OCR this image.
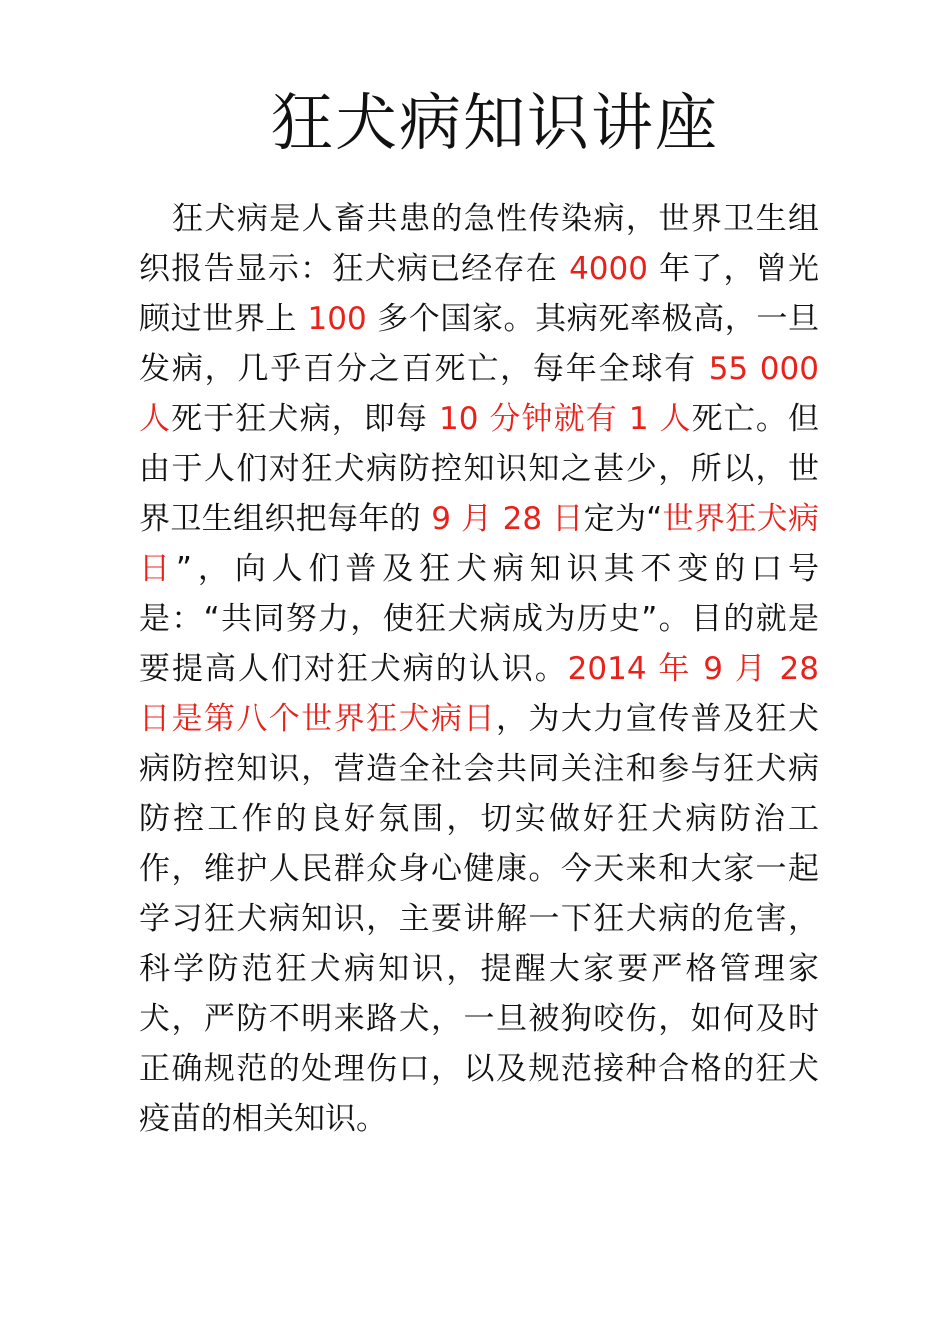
狂犬病知识讲座

狂犬病是人畜共患的急性传染病，世界卫生组织报告显示：狂犬病已经存在 4000 年了，曾光顾过世界上 100 多个国家。其病死率极高，一旦发病，几乎百分之百死亡，每年全球有 55 000 人死于狂犬病，即每 10 分钟就有 1 人死亡。但由于人们对狂犬病防控知识知之甚少，所以，世界卫生组织把每年的 9 月 28 日定为“世界狂犬病日”，向人们普及狂犬病知识其不变的口号是：“共同努力，使狂犬病成为历史”。目的就是要提高人们对狂犬病的认识。2014 年 9 月 28 日是第八个世界狂犬病日，为大力宣传普及狂犬病防控知识，营造全社会共同关注和参与狂犬病防控工作的良好氛围，切实做好狂犬病防治工作，维护人民群众身心健康。今天来和大家一起学习狂犬病知识，主要讲解一下狂犬病的危害，科学防范狂犬病知识，提醒大家要严格管理家犬，严防不明来路犬，一旦被狗咬伤，如何及时正确规范的处理伤口，以及规范接种合格的狂犬疫苗的相关知识。
